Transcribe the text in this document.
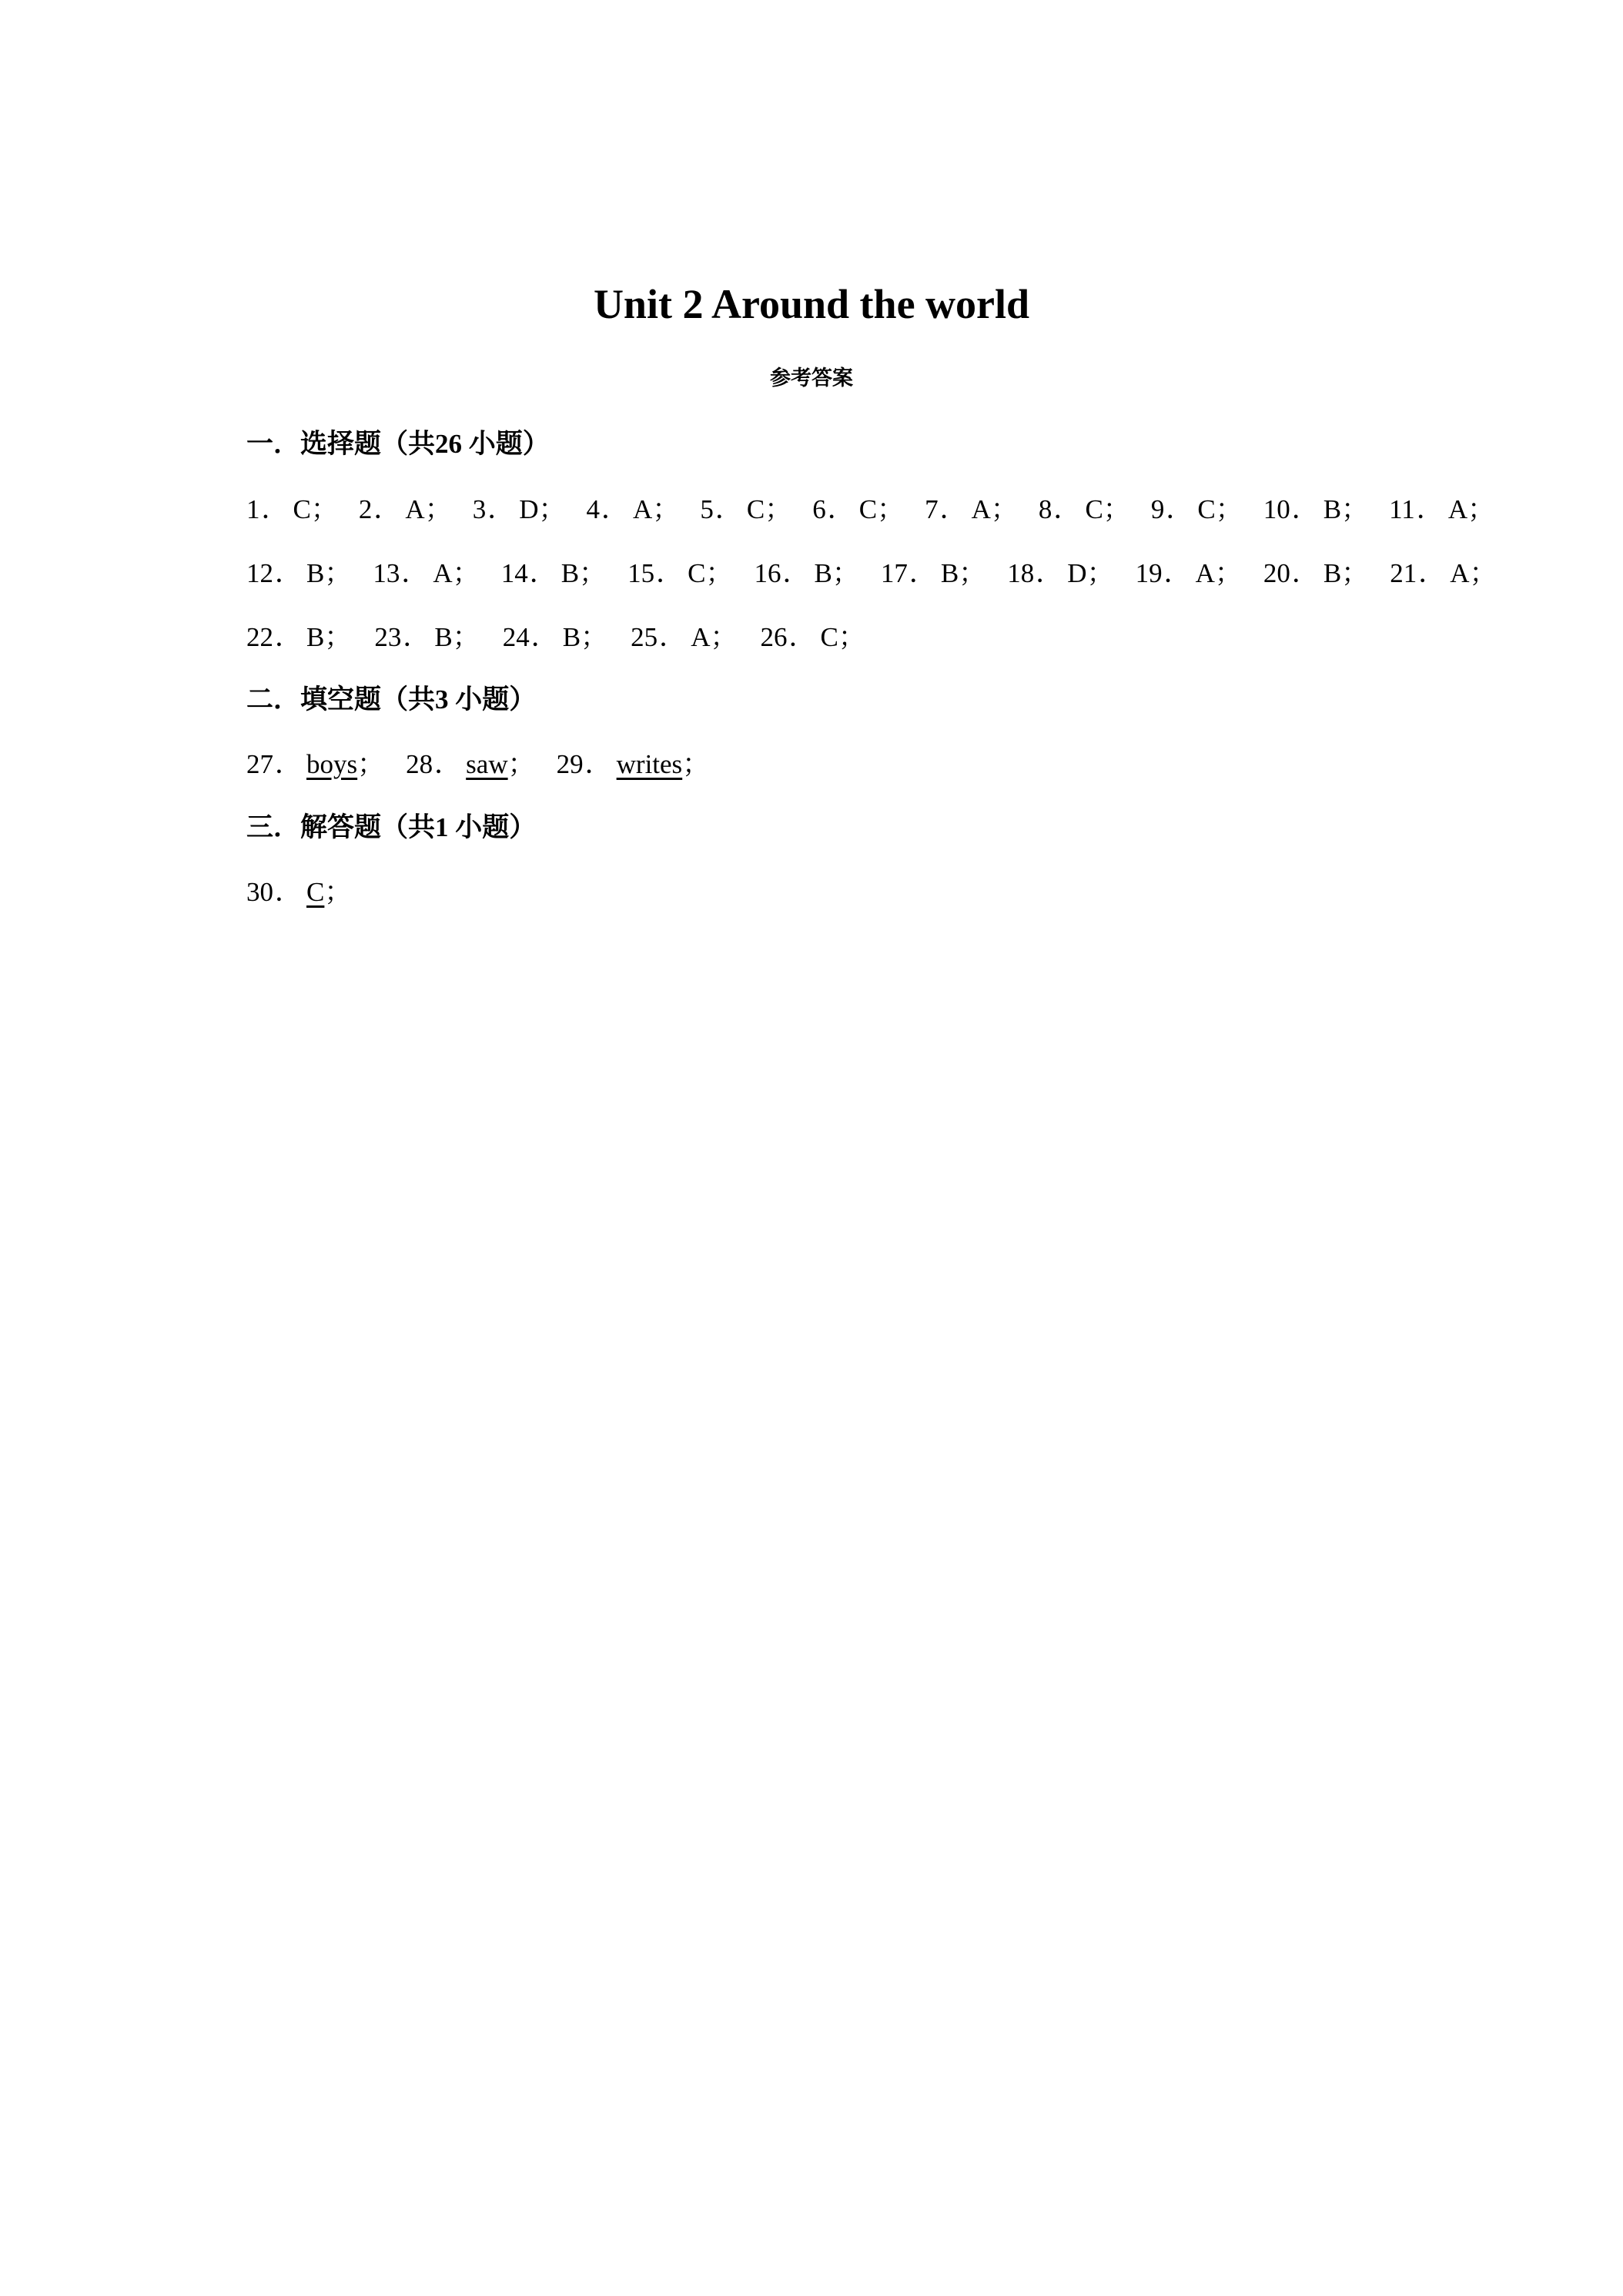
Unit 2 Around the world
参考答案
一．选择题（共26 小题）
1． C； 2． A； 3． D； 4． A； 5． C； 6． C； 7． A； 8． C； 9． C； 10． B； 11． A；
12． B； 13． A； 14． B； 15． C； 16． B； 17． B； 18． D； 19． A； 20． B； 21． A；
22． B； 23． B； 24． B； 25． A； 26． C；
二．填空题（共3 小题）
27． boys； 28． saw； 29． writes；
三．解答题（共1 小题）
30． C；
